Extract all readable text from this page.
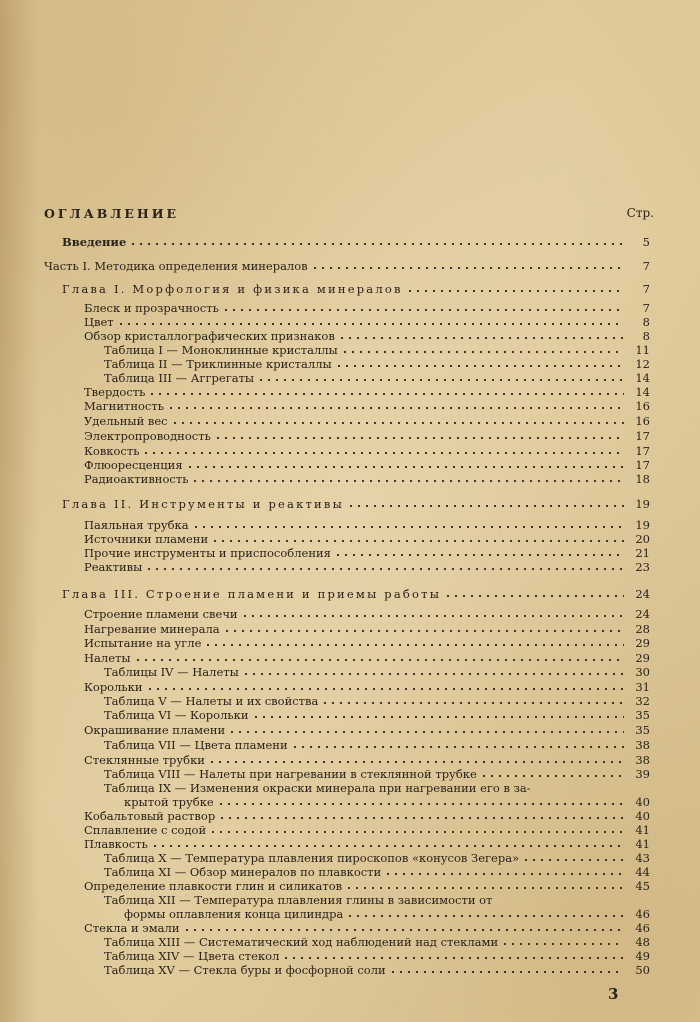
ОГЛАВЛЕНИЕ	Стр.
Введение	5
Часть I. Методика определения минералов	7
Глава I. Морфология и физика минералов	7
Блеск и прозрачность	7
Цвет	8
Обзор кристаллографических признаков	8
Таблица I — Моноклинные кристаллы	11
Таблица II — Триклинные кристаллы	12
Таблица III — Аггрегаты	14
Твердость	14
Магнитность	16
Удельный вес	16
Электропроводность	17
Ковкость	17
Флюоресценция	17
Радиоактивность	18
Глава II. Инструменты и реактивы	19
Паяльная трубка	19
Источники пламени	20
Прочие инструменты и приспособления	21
Реактивы	23
Глава III. Строение пламени и приемы работы	24
Строение пламени свечи	24
Нагревание минерала	28
Испытание на угле	29
Налеты	29
Таблицы IV — Налеты	30
Корольки	31
Таблица V — Налеты и их свойства	32
Таблица VI — Корольки	35
Окрашивание пламени	35
Таблица VII — Цвета пламени	38
Стеклянные трубки	38
Таблица VIII — Налеты при нагревании в стеклянной трубке	39
Таблица IX — Изменения окраски минерала при нагревании его в за-
крытой трубке	40
Кобальтовый раствор	40
Сплавление с содой	41
Плавкость	41
Таблица X — Температура плавления пироскопов «конусов Зегера»	43
Таблица XI — Обзор минералов по плавкости	44
Определение плавкости глин и силикатов	45
Таблица XII — Температура плавления глины в зависимости от
формы оплавления конца цилиндра	46
Стекла и эмали	46
Таблица XIII — Систематический ход наблюдений над стеклами	48
Таблица XIV — Цвета стекол	49
Таблица XV — Стекла буры и фосфорной соли	50
3
